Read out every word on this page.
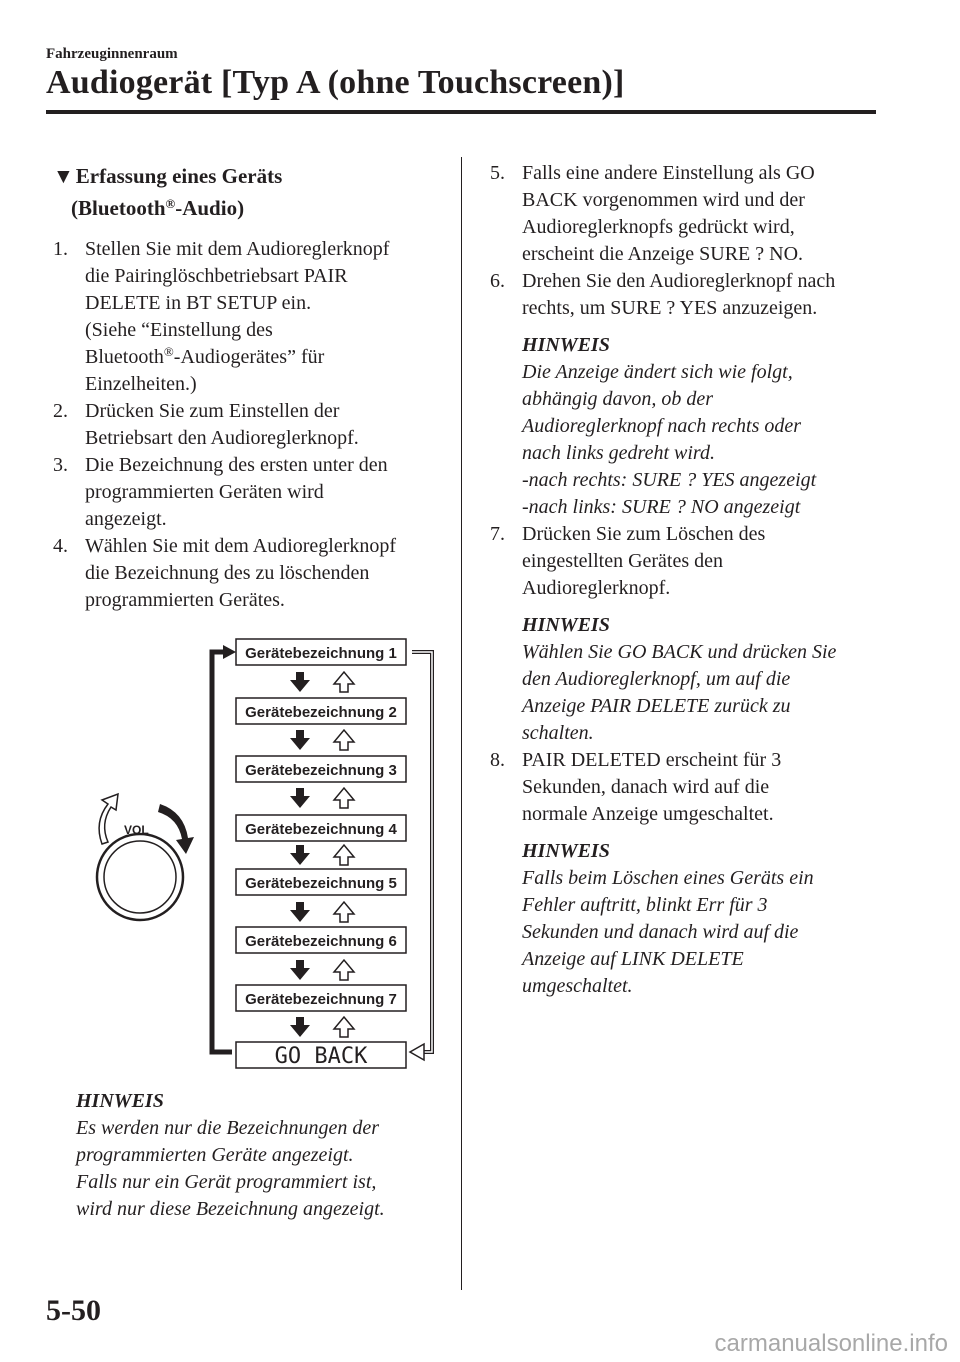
Fahrzeuginnenraum
Audiogerät [Typ A (ohne Touchscreen)]
▼Erfassung eines Geräts
(Bluetooth®-Audio)
1. Stellen Sie mit dem Audioreglerknopf
die Pairinglöschbetriebsart PAIR
DELETE in BT SETUP ein.
(Siehe “Einstellung des
Bluetooth®-Audiogerätes” für
Einzelheiten.)
2. Drücken Sie zum Einstellen der
Betriebsart den Audioreglerknopf.
3. Die Bezeichnung des ersten unter den
programmierten Geräten wird
angezeigt.
4. Wählen Sie mit dem Audioreglerknopf
die Bezeichnung des zu löschenden
programmierten Gerätes.
VOL
Gerätebezeichnung 1
Gerätebezeichnung 2
Gerätebezeichnung 3
Gerätebezeichnung 4
Gerätebezeichnung 5
Gerätebezeichnung 6
Gerätebezeichnung 7
GO BACK
HINWEIS
Es werden nur die Bezeichnungen der
programmierten Geräte angezeigt.
Falls nur ein Gerät programmiert ist,
wird nur diese Bezeichnung angezeigt.
5. Falls eine andere Einstellung als GO
BACK vorgenommen wird und der
Audioreglerknopfs gedrückt wird,
erscheint die Anzeige SURE ? NO.
6. Drehen Sie den Audioreglerknopf nach
rechts, um SURE ? YES anzuzeigen.
HINWEIS
Die Anzeige ändert sich wie folgt,
abhängig davon, ob der
Audioreglerknopf nach rechts oder
nach links gedreht wird.
-nach rechts: SURE ? YES angezeigt
-nach links: SURE ? NO angezeigt
7. Drücken Sie zum Löschen des
eingestellten Gerätes den
Audioreglerknopf.
HINWEIS
Wählen Sie GO BACK und drücken Sie
den Audioreglerknopf, um auf die
Anzeige PAIR DELETE zurück zu
schalten.
8. PAIR DELETED erscheint für 3
Sekunden, danach wird auf die
normale Anzeige umgeschaltet.
HINWEIS
Falls beim Löschen eines Geräts ein
Fehler auftritt, blinkt Err für 3
Sekunden und danach wird auf die
Anzeige auf LINK DELETE
umgeschaltet.
5-50
carmanualsonline.info
